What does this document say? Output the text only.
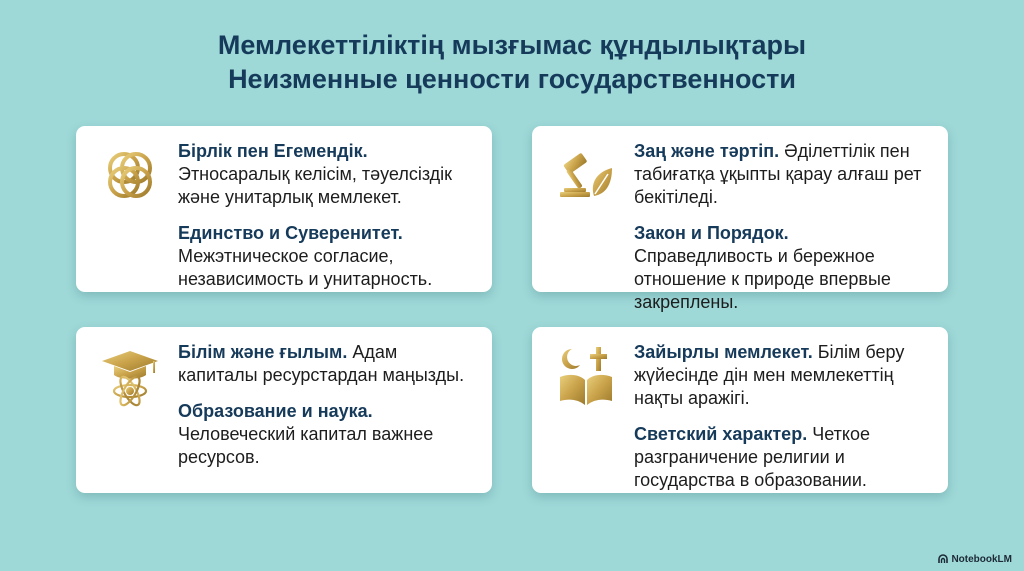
Мемлекеттіліктің мызғымас құндылықтары
Неизменные ценности государственности

Бірлік пен Егемендік. Этносаралық келісім, тәуелсіздік және унитарлық мемлекет.

Единство и Суверенитет. Межэтническое согласие, независимость и унитарность.

Заң және тәртіп. Әділеттілік пен табиғатқа ұқыпты қарау алғаш рет бекітіледі.

Закон и Порядок. Справедливость и бережное отношение к природе впервые закреплены.

Білім және ғылым. Адам капиталы ресурстардан маңызды.

Образование и наука. Человеческий капитал важнее ресурсов.

Зайырлы мемлекет. Білім беру жүйесінде дін мен мемлекеттің нақты аражігі.

Светский характер. Четкое разграничение религии и государства в образовании.

NotebookLM
